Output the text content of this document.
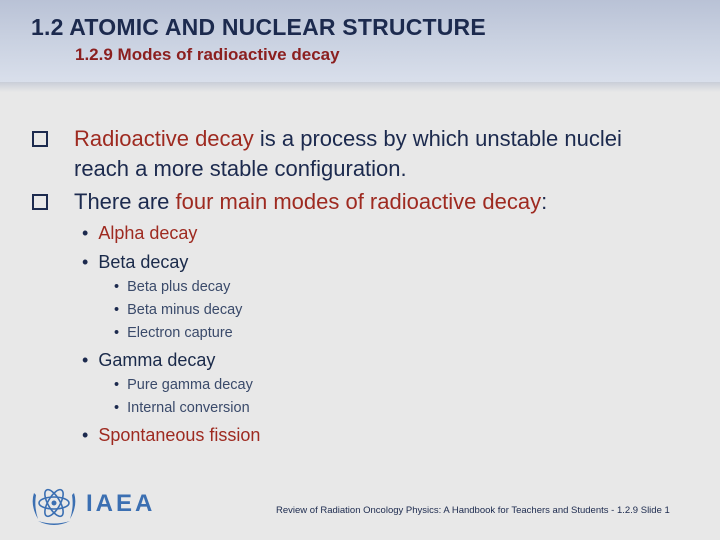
1.2 ATOMIC AND NUCLEAR STRUCTURE
1.2.9 Modes of radioactive decay
Radioactive decay is a process by which unstable nuclei
reach a more stable configuration.
There are four main modes of radioactive decay:
• Alpha decay
• Beta decay
• Beta plus decay
• Beta minus decay
• Electron capture
• Gamma decay
• Pure gamma decay
• Internal conversion
• Spontaneous fission
IAEA	Review of Radiation Oncology Physics: A Handbook for Teachers and Students - 1.2.9 Slide 1
